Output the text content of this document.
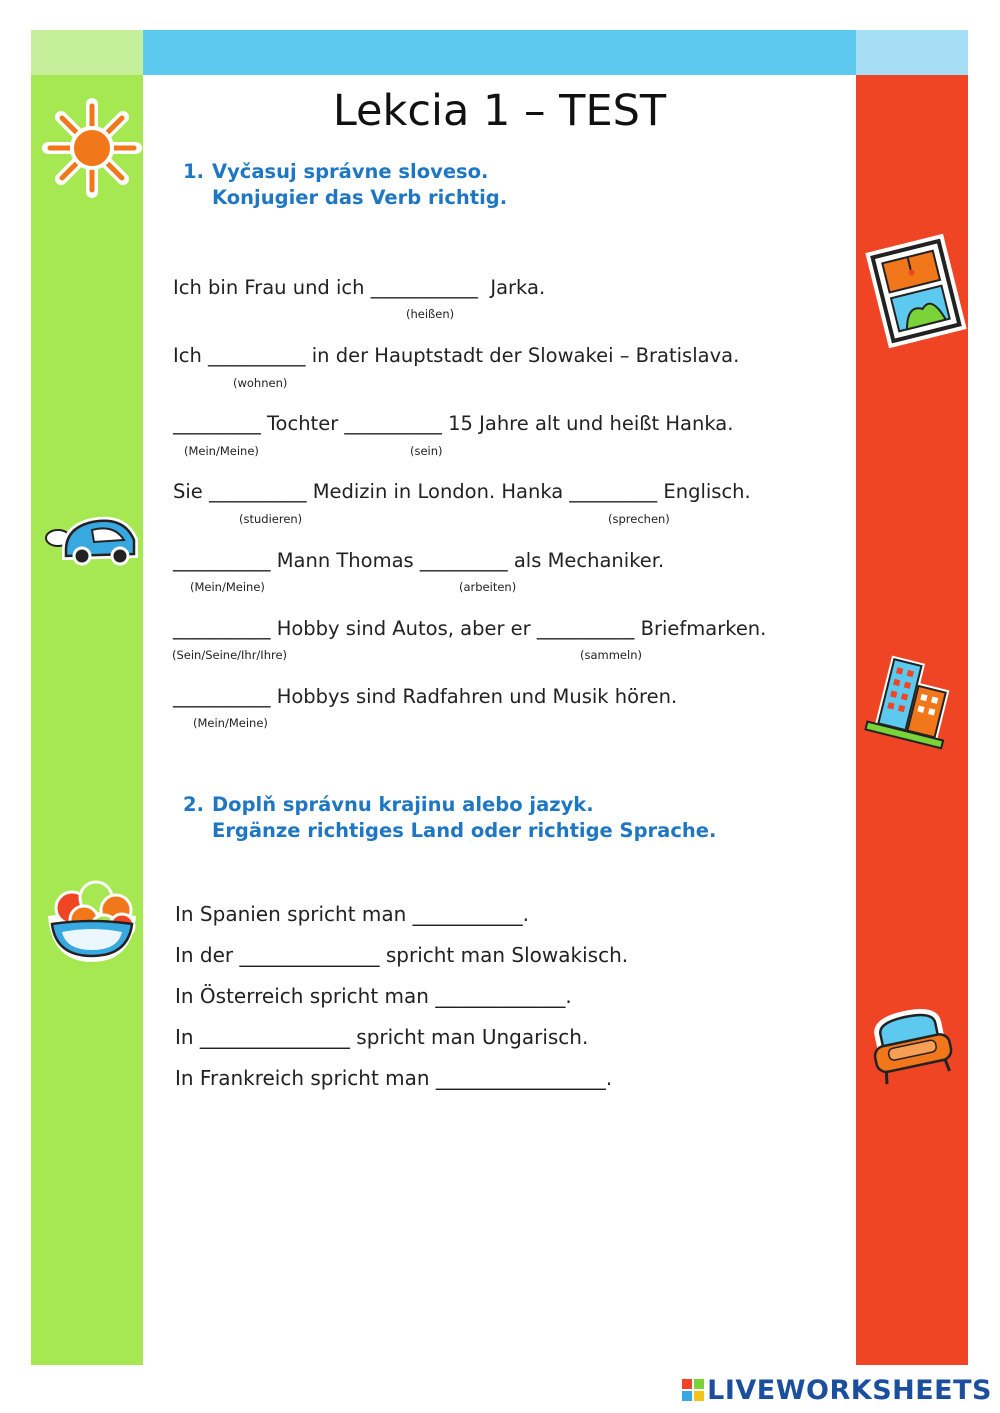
Lekcia 1 – TEST
1. Vyčasuj správne sloveso.
Konjugier das Verb richtig.
Ich bin Frau und ich ___________  Jarka.
(heißen)
Ich __________ in der Hauptstadt der Slowakei – Bratislava.
(wohnen)
_________ Tochter __________ 15 Jahre alt und heißt Hanka.
(Mein/Meine)	(sein)
Sie __________ Medizin in London. Hanka _________ Englisch.
(studieren)	(sprechen)
__________ Mann Thomas _________ als Mechaniker.
(Mein/Meine)	(arbeiten)
__________ Hobby sind Autos, aber er __________ Briefmarken.
(Sein/Seine/Ihr/Ihre)	(sammeln)
__________ Hobbys sind Radfahren und Musik hören.
(Mein/Meine)
2. Doplň správnu krajinu alebo jazyk.
Ergänze richtiges Land oder richtige Sprache.
In Spanien spricht man ___________.
In der ______________ spricht man Slowakisch.
In Österreich spricht man _____________.
In _______________ spricht man Ungarisch.
In Frankreich spricht man _________________.
LIVEWORKSHEETS
